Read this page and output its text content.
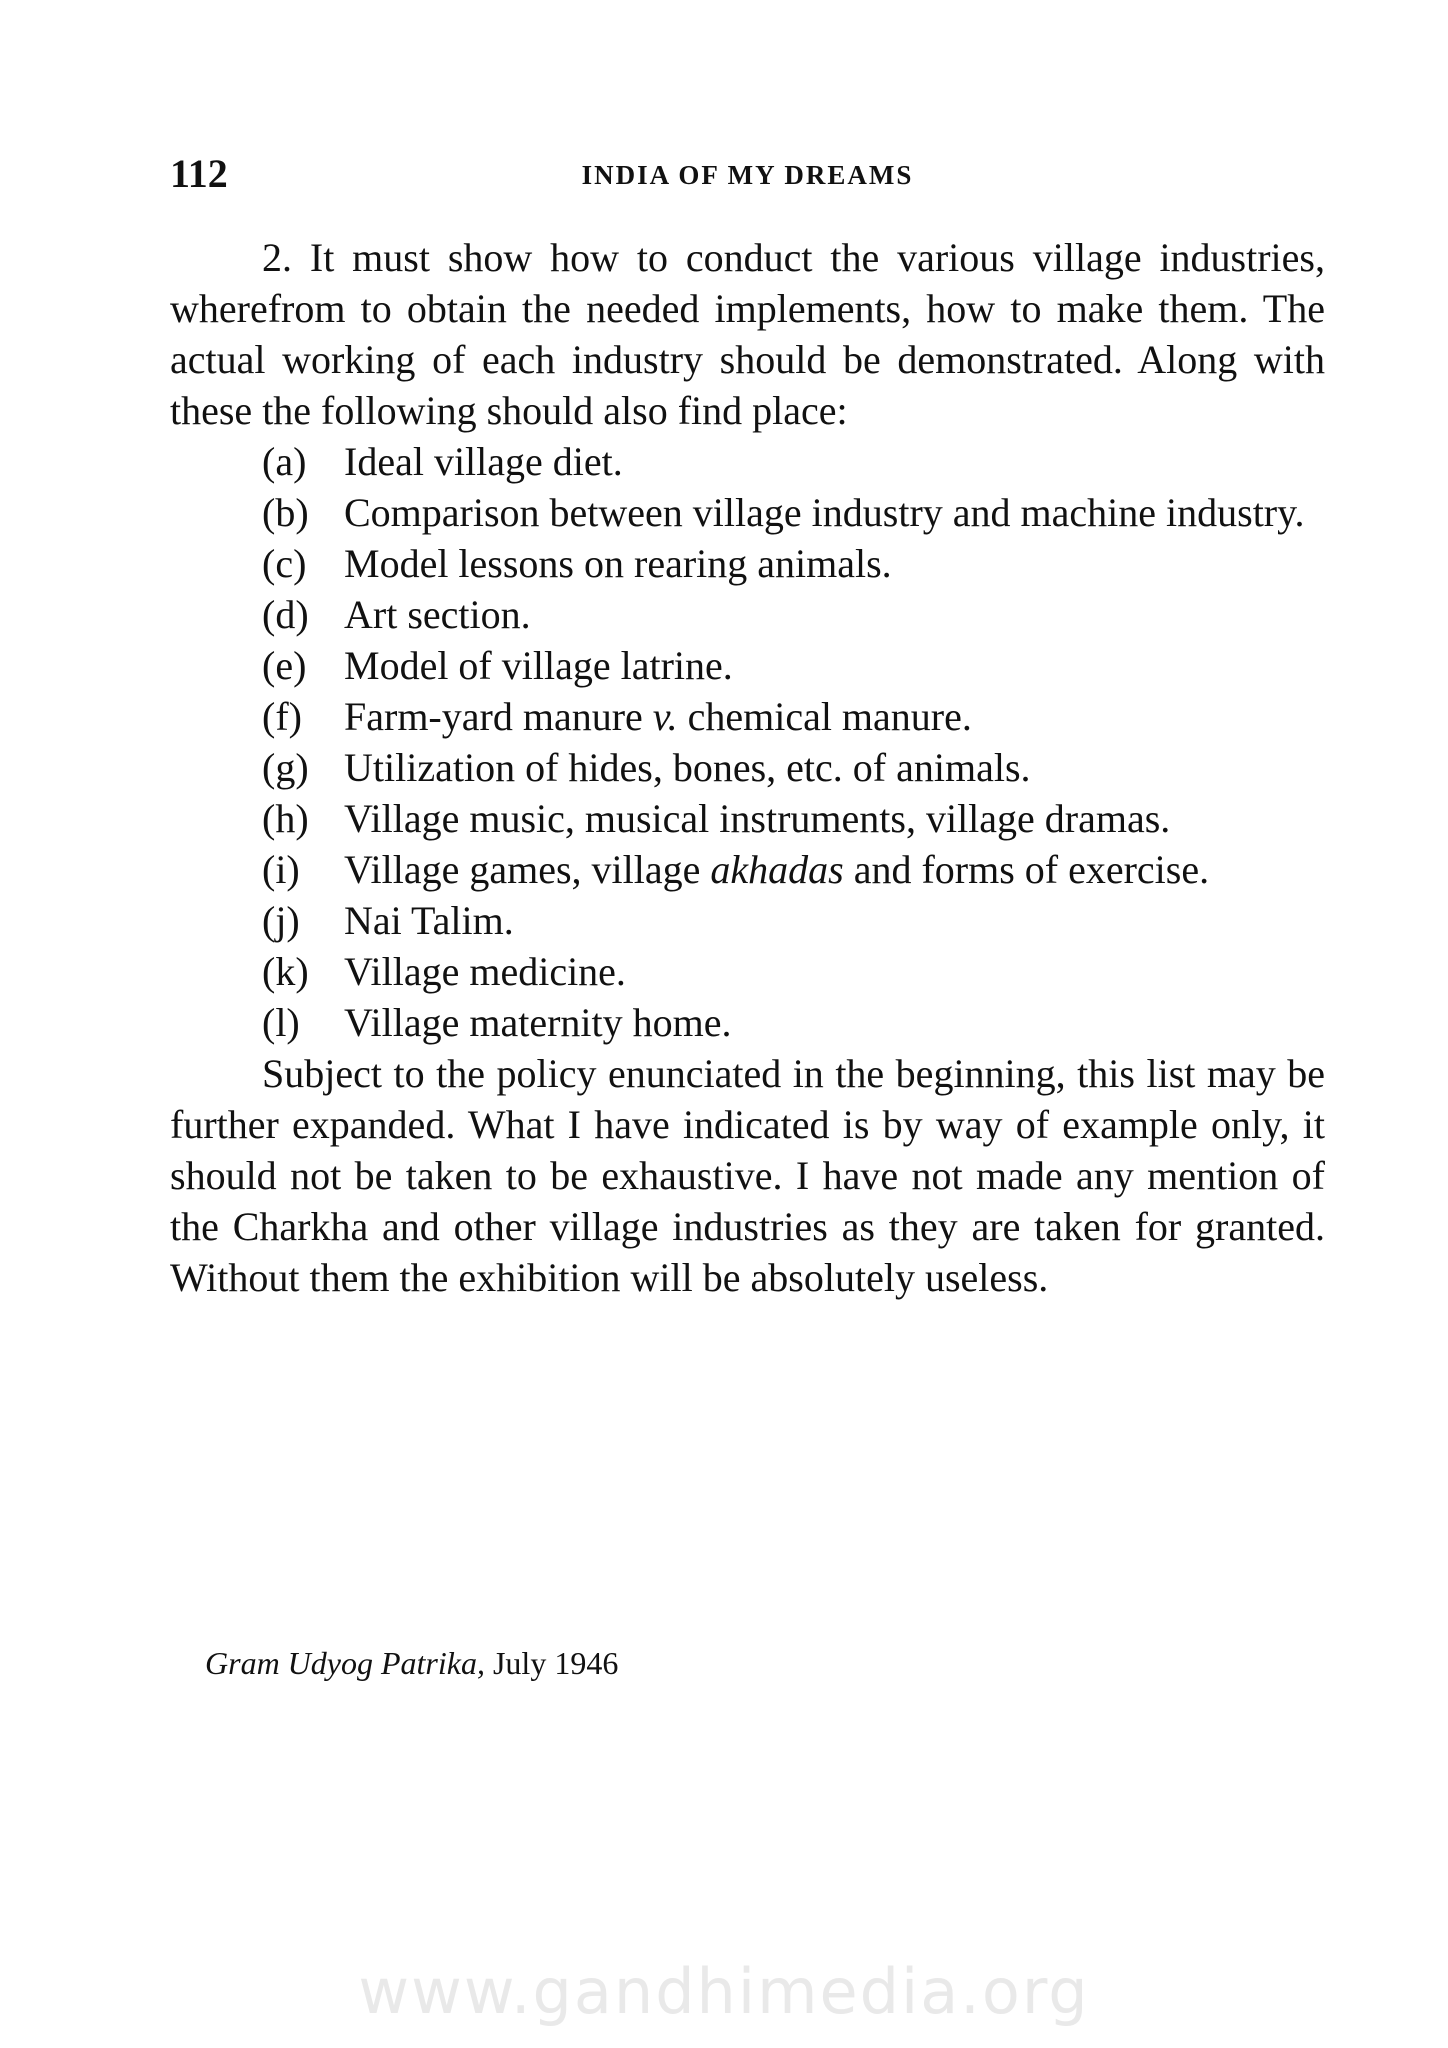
112	INDIA OF MY DREAMS

2. It must show how to conduct the various village industries, wherefrom to obtain the needed implements, how to make them. The actual working of each industry should be demonstrated. Along with these the following should also find place:

(a) Ideal village diet.
(b) Comparison between village industry and machine industry.
(c) Model lessons on rearing animals.
(d) Art section.
(e) Model of village latrine.
(f) Farm-yard manure v. chemical manure.
(g) Utilization of hides, bones, etc. of animals.
(h) Village music, musical instruments, village dramas.
(i) Village games, village akhadas and forms of exercise.
(j) Nai Talim.
(k) Village medicine.
(l) Village maternity home.

Subject to the policy enunciated in the beginning, this list may be further expanded. What I have indicated is by way of example only, it should not be taken to be exhaustive. I have not made any mention of the Charkha and other village industries as they are taken for granted. Without them the exhibition will be absolutely useless.

Gram Udyog Patrika, July 1946
www.gandhimedia.org
